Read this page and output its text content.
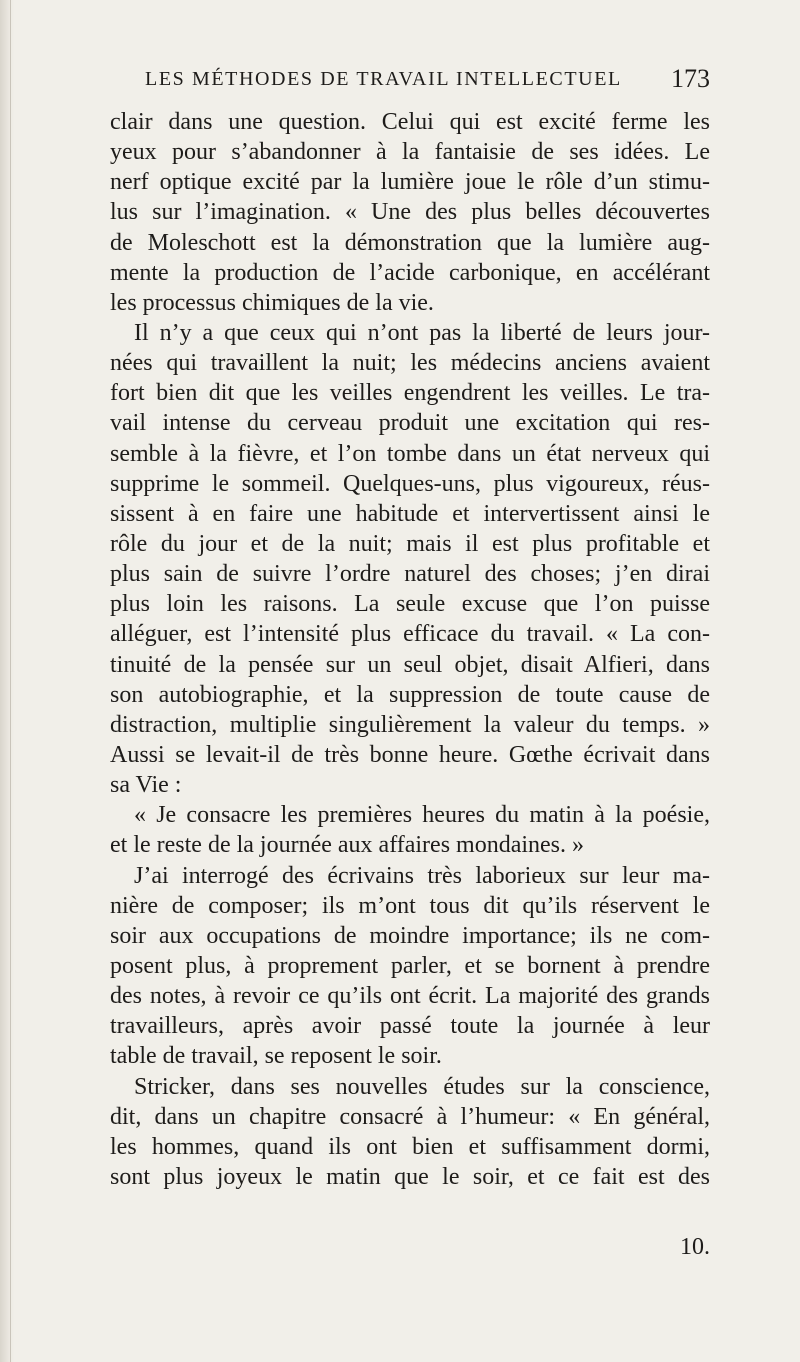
LES MÉTHODES DE TRAVAIL INTELLECTUEL 173
clair dans une question. Celui qui est excité ferme les
yeux pour s’abandonner à la fantaisie de ses idées. Le
nerf optique excité par la lumière joue le rôle d’un stimu-
lus sur l’imagination. « Une des plus belles découvertes
de Moleschott est la démonstration que la lumière aug-
mente la production de l’acide carbonique, en accélérant
les processus chimiques de la vie.
Il n’y a que ceux qui n’ont pas la liberté de leurs jour-
nées qui travaillent la nuit; les médecins anciens avaient
fort bien dit que les veilles engendrent les veilles. Le tra-
vail intense du cerveau produit une excitation qui res-
semble à la fièvre, et l’on tombe dans un état nerveux qui
supprime le sommeil. Quelques-uns, plus vigoureux, réus-
sissent à en faire une habitude et intervertissent ainsi le
rôle du jour et de la nuit; mais il est plus profitable et
plus sain de suivre l’ordre naturel des choses; j’en dirai
plus loin les raisons. La seule excuse que l’on puisse
alléguer, est l’intensité plus efficace du travail. « La con-
tinuité de la pensée sur un seul objet, disait Alfieri, dans
son autobiographie, et la suppression de toute cause de
distraction, multiplie singulièrement la valeur du temps. »
Aussi se levait-il de très bonne heure. Gœthe écrivait dans
sa Vie :
« Je consacre les premières heures du matin à la poésie,
et le reste de la journée aux affaires mondaines. »
J’ai interrogé des écrivains très laborieux sur leur ma-
nière de composer; ils m’ont tous dit qu’ils réservent le
soir aux occupations de moindre importance; ils ne com-
posent plus, à proprement parler, et se bornent à prendre
des notes, à revoir ce qu’ils ont écrit. La majorité des grands
travailleurs, après avoir passé toute la journée à leur
table de travail, se reposent le soir.
Stricker, dans ses nouvelles études sur la conscience,
dit, dans un chapitre consacré à l’humeur: « En général,
les hommes, quand ils ont bien et suffisamment dormi,
sont plus joyeux le matin que le soir, et ce fait est des
10.
